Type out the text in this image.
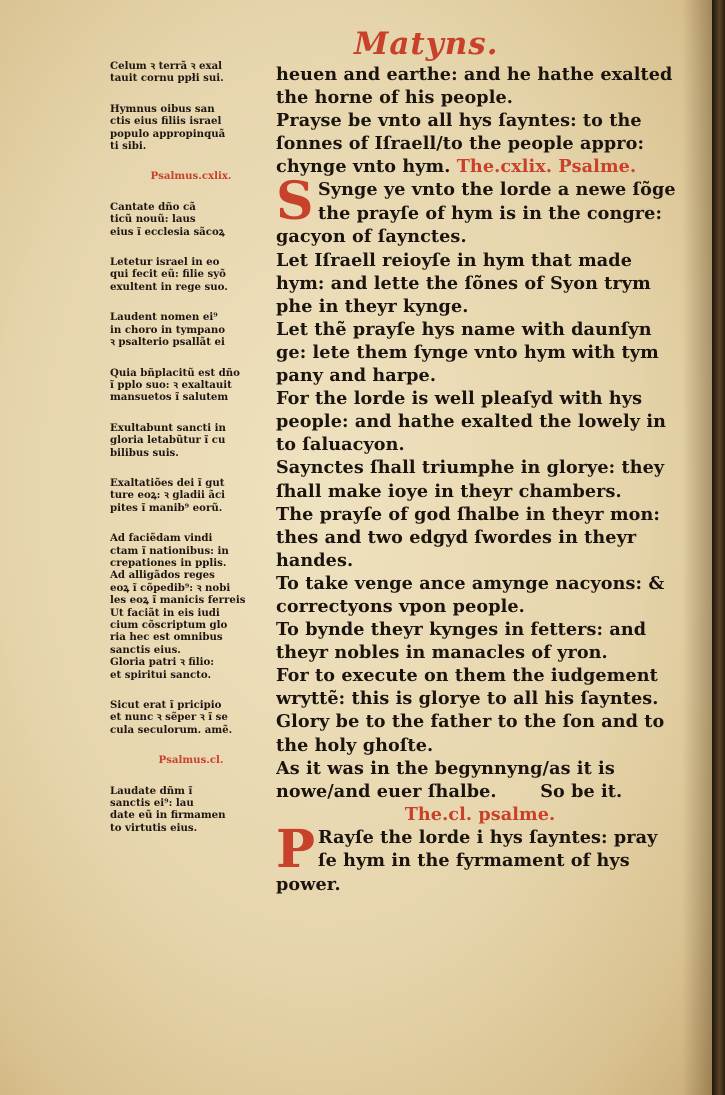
Matyns.
Celum ꝛ terrã ꝛ exal
tauit cornu ppłi sui.
Hymnus oibus san
ctis eius filiis israel
populo appropinquã
ti sibi.
Psalmus.cxlix.
Cantate dño cã
ticũ nouũ: laus
eius ĩ ecclesia sãcoꝝ
Letetur israel in eo
qui fecit eũ: filie syõ
exultent in rege suo.
Laudent nomen ei⁹
in choro in tympano
ꝛ psalterio psallãt ei
Quia bñplacitũ est dño
ĩ pplo suo: ꝛ exaltauit
mansuetos ĩ salutem
Exultabunt sancti in
gloria letabũtur ĩ cu
bilibus suis.
Exaltatiões dei ĩ gut
ture eoꝝ: ꝛ gladii ãci
pites ĩ manib⁹ eorũ.
Ad faciẽdam vindi
ctam ĩ nationibus: in
crepationes in pplis.
Ad alligãdos reges
eoꝝ ĩ cõpedib⁹: ꝛ nobi
les eoꝝ ĩ manicis ferreis
Ut faciãt in eis iudi
cium cõscriptum glo
ria hec est omnibus
sanctis eius.
Gloria patri ꝛ filio:
et spiritui sancto.
Sicut erat ĩ pricipio
et nunc ꝛ sẽper ꝛ ĩ se
cula seculorum. amẽ.
Psalmus.cl.
Laudate dñm ĩ
sanctis ei⁹: lau
date eũ in firmamen
to virtutis eius.
heuen and earthe: and he hathe exalted
the horne of his people.
Prayse be vnto all hys ſayntes: to the
ſonnes of Iſraell/to the people appro:
chynge vnto hym. The.cxlix. Psalme.
S Synge ye vnto the lorde a newe ſõge
the prayſe of hym is in the congre:
gacyon of ſaynctes.
Let Iſraell reioyſe in hym that made
hym: and lette the ſõnes of Syon trym
phe in theyr kynge.
Let thẽ prayſe hys name with daunſyn
ge: lete them ſynge vnto hym with tym
pany and harpe.
For the lorde is well pleaſyd with hys
people: and hathe exalted the lowely in
to ſaluacyon.
Saynctes ſhall triumphe in glorye: they
ſhall make ioye in theyr chambers.
The prayſe of god ſhalbe in theyr mon:
thes and two edgyd ſwordes in theyr
handes.
To take venge ance amynge nacyons: &
correctyons vpon people.
To bynde theyr kynges in fetters: and
theyr nobles in manacles of yron.
For to execute on them the iudgement
wryttẽ: this is glorye to all his ſayntes.
Glory be to the father to the ſon and to
the holy ghoſte.
As it was in the begynnyng/as it is
nowe/and euer ſhalbe.       So be it.
The.cl. psalme.
P Rayſe the lorde i hys ſayntes: pray
ſe hym in the fyrmament of hys
power.
